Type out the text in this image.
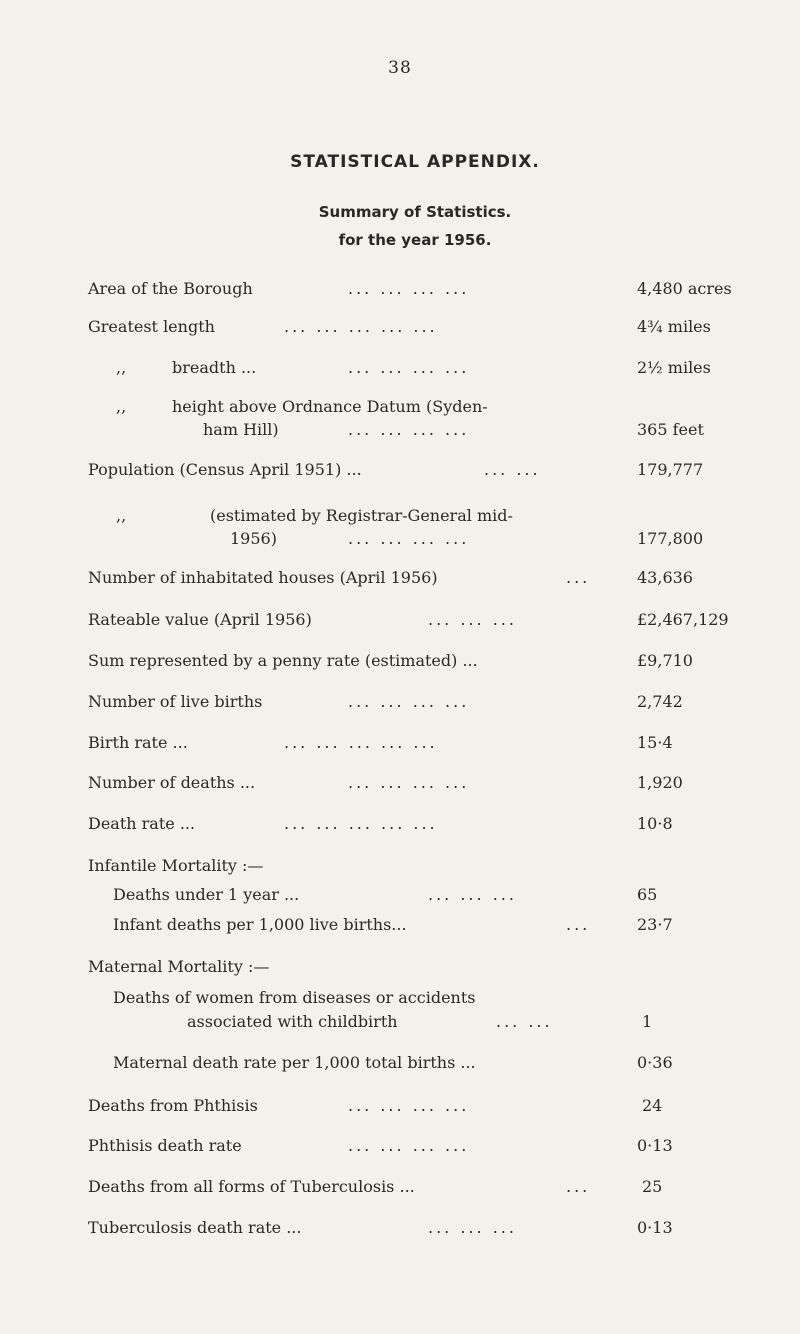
38
STATISTICAL APPENDIX.
Summary of Statistics.
for the year 1956.
Area of the Borough	... ... ... ...	4,480 acres
Greatest length	... ... ... ... ...	4¾ miles
,,	breadth ...	... ... ... ...	2½ miles
,,	height above Ordnance Datum (Syden-
ham Hill)	... ... ... ...	365 feet
Population (Census April 1951) ...	... ...	179,777
,,	(estimated by Registrar-General mid-
1956)	... ... ... ...	177,800
Number of inhabitated houses (April 1956)	...	43,636
Rateable value (April 1956)	... ... ...	£2,467,129
Sum represented by a penny rate (estimated) ...	£9,710
Number of live births	... ... ... ...	2,742
Birth rate ...	... ... ... ... ...	15·4
Number of deaths ...	... ... ... ...	1,920
Death rate ...	... ... ... ... ...	10·8
Infantile Mortality :—
Deaths under 1 year ...	... ... ...	65
Infant deaths per 1,000 live births...	...	23·7
Maternal Mortality :—
Deaths of women from diseases or accidents
associated with childbirth	... ...	1
Maternal death rate per 1,000 total births ...	0·36
Deaths from Phthisis	... ... ... ...	24
Phthisis death rate	... ... ... ...	0·13
Deaths from all forms of Tuberculosis ...	...	25
Tuberculosis death rate ...	... ... ...	0·13
